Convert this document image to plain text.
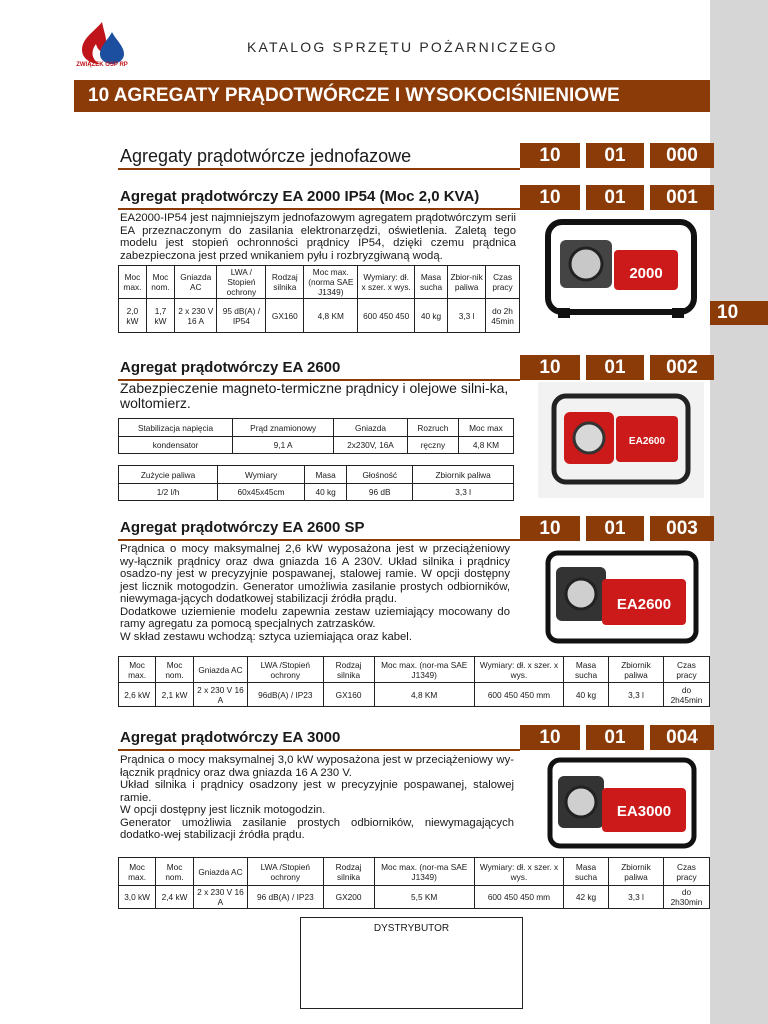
10
ZWIĄZEK OSP RP
KATALOG SPRZĘTU POŻARNICZEGO
10 AGREGATY PRĄDOTWÓRCZE I WYSOKOCIŚNIENIOWE
Agregaty prądotwórcze jednofazowe	10	01	000
Agregat prądotwórczy EA 2000 IP54 (Moc 2,0 KVA)	10	01	001

EA2000-IP54 jest najmniejszym jednofazowym agregatem prądotwórczym serii EA przeznaczonym do zasilania elektronarzędzi, oświetlenia. Zaletą tego modelu jest stopień ochronności prądnicy IP54, dzięki czemu prądnica zabezpieczona jest przed wnikaniem pyłu i rozbryzgiwaną wodą.

2000
Moc max.	Moc nom.	Gniazda AC	LWA / Stopień ochrony	Rodzaj silnika	Moc max. (norma SAE J1349)	Wymiary: dł. x szer. x wys.	Masa sucha	Zbior-nik paliwa	Czas pracy
2,0 kW	1,7 kW	2 x 230 V 16 A	95 dB(A) / IP54	GX160	4,8 KM	600 450 450	40 kg	3,3 l	do 2h 45min
Agregat prądotwórczy EA 2600	10	01	002

Zabezpieczenie magneto-termiczne prądnicy i olejowe silni-ka, woltomierz.

EA2600
Stabilizacja napięcia	Prąd znamionowy	Gniazda	Rozruch	Moc max
kondensator	9,1 A	2x230V, 16A	ręczny	4,8 KM
Zużycie paliwa	Wymiary	Masa	Głośność	Zbiornik paliwa
1/2 l/h	60x45x45cm	40 kg	96 dB	3,3 l
Agregat prądotwórczy EA 2600 SP	10	01	003

Prądnica o mocy maksymalnej 2,6 kW wyposażona jest w przeciążeniowy wy-łącznik prądnicy oraz dwa gniazda 16 A 230V. Układ silnika i prądnicy osadzo-ny jest w precyzyjnie pospawanej, stalowej ramie. W opcji dostępny jest licznik motogodzin. Generator umożliwia zasilanie prostych odbiorników, niewymaga-jących dodatkowej stabilizacji źródła prądu.

Dodatkowe uziemienie modelu zapewnia zestaw uziemiający mocowany do ramy agregatu za pomocą specjalnych zatrzasków.

W skład zestawu wchodzą: sztyca uziemiająca oraz kabel.

EA2600
Moc max.	Moc nom.	Gniazda AC	LWA /Stopień ochrony	Rodzaj silnika	Moc max. (nor-ma SAE J1349)	Wymiary: dł. x szer. x wys.	Masa sucha	Zbiornik paliwa	Czas pracy
2,6 kW	2,1 kW	2 x 230 V 16 A	96dB(A) / IP23	GX160	4,8 KM	600 450 450 mm	40 kg	3,3 l	do 2h45min
Agregat prądotwórczy EA 3000	10	01	004

Prądnica o mocy maksymalnej 3,0 kW wyposażona jest w przeciążeniowy wy-łącznik prądnicy oraz dwa gniazda 16 A 230 V.

Układ silnika i prądnicy osadzony jest w precyzyjnie pospawanej, stalowej ramie.

W opcji dostępny jest licznik motogodzin.

Generator umożliwia zasilanie prostych odbiorników, niewymagających dodatko-wej stabilizacji źródła prądu.

EA3000
Moc max.	Moc nom.	Gniazda AC	LWA /Stopień ochrony	Rodzaj silnika	Moc max. (nor-ma SAE J1349)	Wymiary: dł. x szer. x wys.	Masa sucha	Zbiornik paliwa	Czas pracy
3,0 kW	2,4 kW	2 x 230 V 16 A	96 dB(A) / IP23	GX200	5,5 KM	600 450 450 mm	42 kg	3,3 l	do 2h30min
DYSTRYBUTOR
